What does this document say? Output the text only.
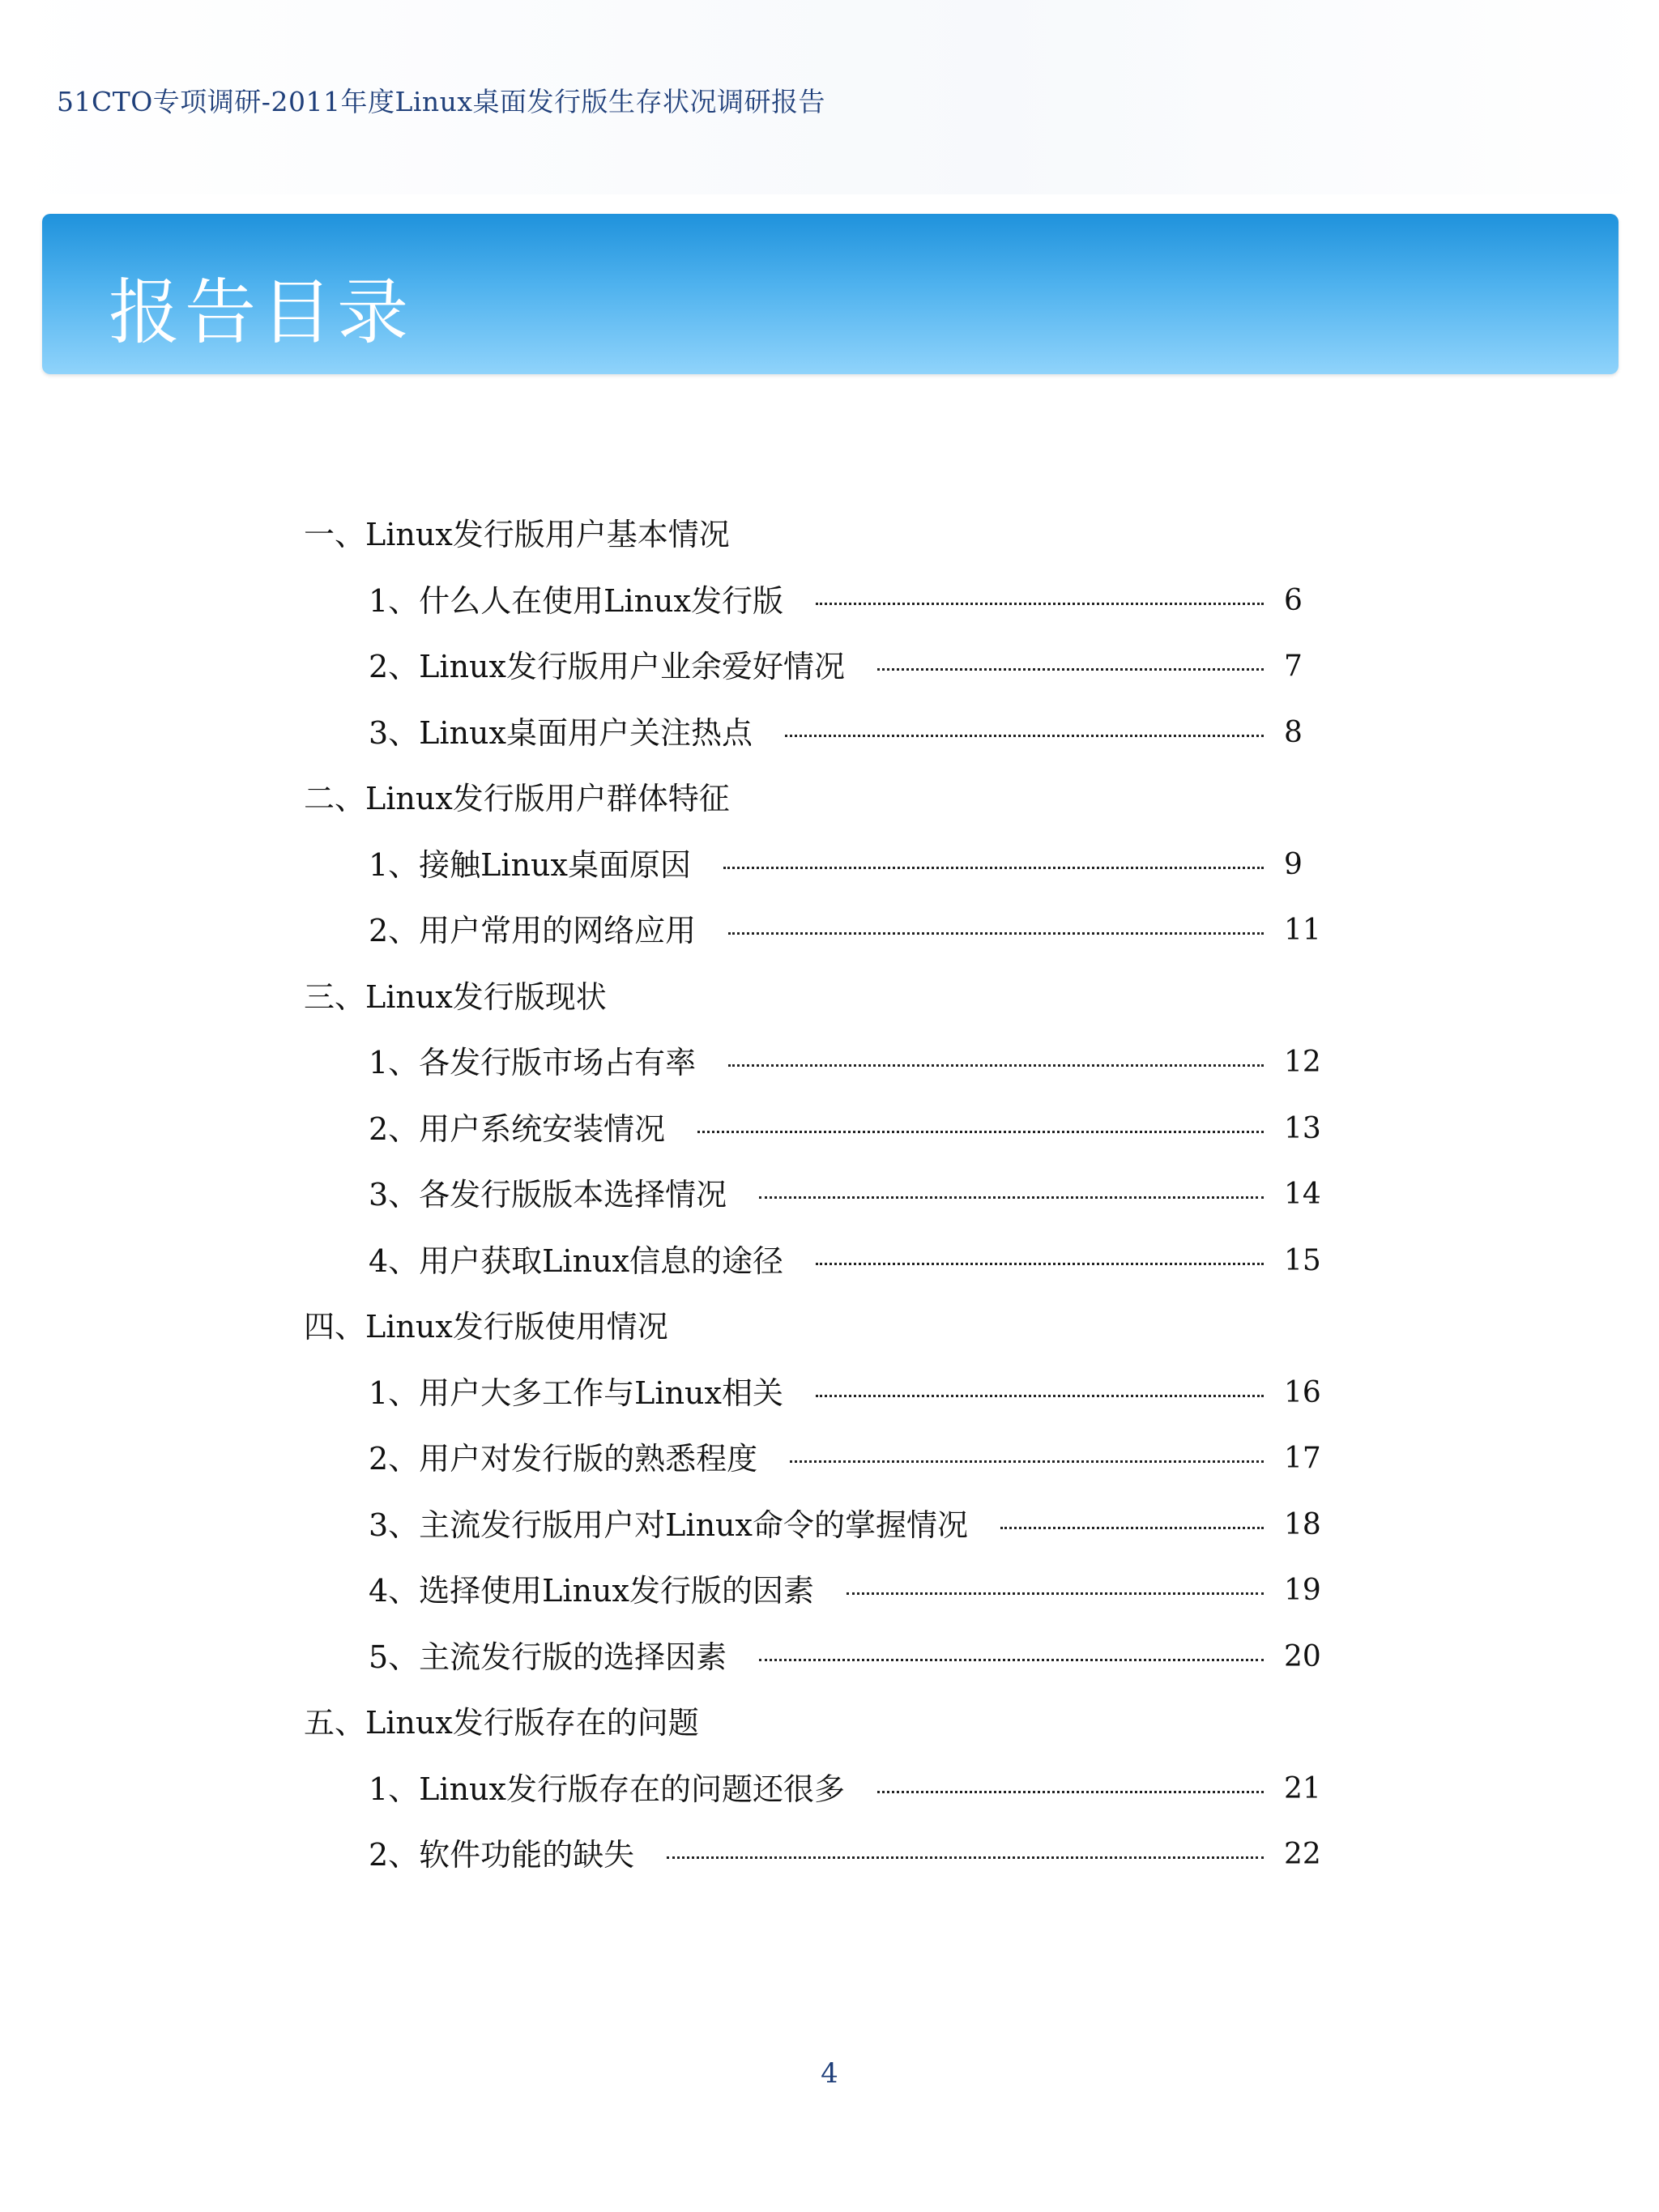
51CTO专项调研-2011年度Linux桌面发行版生存状况调研报告
报告目录
一、Linux发行版用户基本情况
1、什么人在使用Linux发行版	6
2、Linux发行版用户业余爱好情况	7
3、Linux桌面用户关注热点	8
二、Linux发行版用户群体特征
1、接触Linux桌面原因	9
2、用户常用的网络应用	11
三、Linux发行版现状
1、各发行版市场占有率	12
2、用户系统安装情况	13
3、各发行版版本选择情况	14
4、用户获取Linux信息的途径	15
四、Linux发行版使用情况
1、用户大多工作与Linux相关	16
2、用户对发行版的熟悉程度	17
3、主流发行版用户对Linux命令的掌握情况	18
4、选择使用Linux发行版的因素	19
5、主流发行版的选择因素	20
五、Linux发行版存在的问题
1、Linux发行版存在的问题还很多	21
2、软件功能的缺失	22
4
